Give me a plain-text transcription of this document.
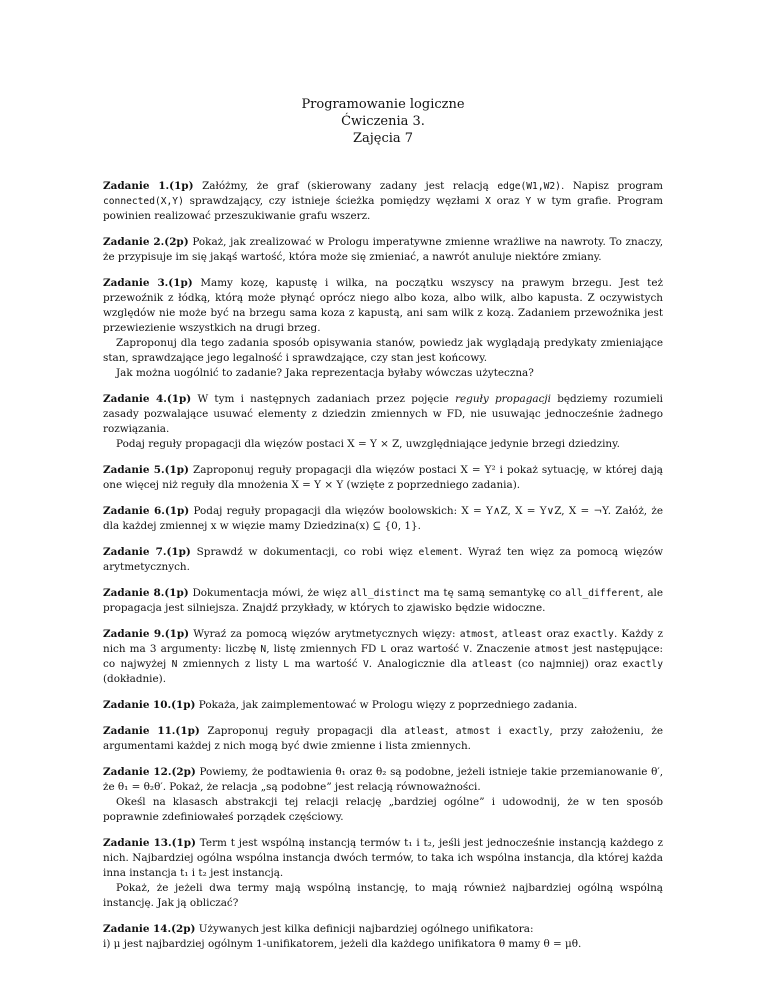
Programowanie logiczne
Ćwiczenia 3.
Zajęcia 7

Zadanie 1.(1p) Załóżmy, że graf (skierowany zadany jest relacją edge(W1,W2). Napisz program connected(X,Y) sprawdzający, czy istnieje ścieżka pomiędzy węzłami X oraz Y w tym grafie. Program powinien realizować przeszukiwanie grafu wszerz.

Zadanie 2.(2p) Pokaż, jak zrealizować w Prologu imperatywne zmienne wrażliwe na nawroty. To znaczy, że przypisuje im się jakąś wartość, która może się zmieniać, a nawrót anuluje niektóre zmiany.

Zadanie 3.(1p) Mamy kozę, kapustę i wilka, na początku wszyscy na prawym brzegu. Jest też przewoźnik z łódką, którą może płynąć oprócz niego albo koza, albo wilk, albo kapusta. Z oczywistych względów nie może być na brzegu sama koza z kapustą, ani sam wilk z kozą. Zadaniem przewoźnika jest przewiezienie wszystkich na drugi brzeg.

Zaproponuj dla tego zadania sposób opisywania stanów, powiedz jak wyglądają predykaty zmieniające stan, sprawdzające jego legalność i sprawdzające, czy stan jest końcowy.

Jak można uogólnić to zadanie? Jaka reprezentacja byłaby wówczas użyteczna?

Zadanie 4.(1p) W tym i następnych zadaniach przez pojęcie reguły propagacji będziemy rozumieli zasady pozwalające usuwać elementy z dziedzin zmiennych w FD, nie usuwając jednocześnie żadnego rozwiązania.

Podaj reguły propagacji dla więzów postaci X = Y × Z, uwzględniające jedynie brzegi dziedziny.

Zadanie 5.(1p) Zaproponuj reguły propagacji dla więzów postaci X = Y² i pokaż sytuację, w której dają one więcej niż reguły dla mnożenia X = Y × Y (wzięte z poprzedniego zadania).

Zadanie 6.(1p) Podaj reguły propagacji dla więzów boolowskich: X = Y∧Z, X = Y∨Z, X = ¬Y. Załóż, że dla każdej zmiennej x w więzie mamy Dziedzina(x) ⊆ {0, 1}.

Zadanie 7.(1p) Sprawdź w dokumentacji, co robi więz element. Wyraź ten więz za pomocą więzów arytmetycznych.

Zadanie 8.(1p) Dokumentacja mówi, że więz all_distinct ma tę samą semantykę co all_different, ale propagacja jest silniejsza. Znajdź przykłady, w których to zjawisko będzie widoczne.

Zadanie 9.(1p) Wyraź za pomocą więzów arytmetycznych więzy: atmost, atleast oraz exactly. Każdy z nich ma 3 argumenty: liczbę N, listę zmiennych FD L oraz wartość V. Znaczenie atmost jest następujące: co najwyżej N zmiennych z listy L ma wartość V. Analogicznie dla atleast (co najmniej) oraz exactly (dokładnie).

Zadanie 10.(1p) Pokaża, jak zaimplementować w Prologu więzy z poprzedniego zadania.

Zadanie 11.(1p) Zaproponuj reguły propagacji dla atleast, atmost i exactly, przy założeniu, że argumentami każdej z nich mogą być dwie zmienne i lista zmiennych.

Zadanie 12.(2p) Powiemy, że podtawienia θ₁ oraz θ₂ są podobne, jeżeli istnieje takie przemianowanie θ′, że θ₁ = θ₂θ′. Pokaż, że relacja „są podobne” jest relacją równoważności.

Okeśl na klasasch abstrakcji tej relacji relację „bardziej ogólne” i udowodnij, że w ten sposób poprawnie zdefiniowałeś porządek częściowy.

Zadanie 13.(1p) Term t jest wspólną instancją termów t₁ i t₂, jeśli jest jednocześnie instancją każdego z nich. Najbardziej ogólna wspólna instancja dwóch termów, to taka ich wspólna instancja, dla której każda inna instancja t₁ i t₂ jest instancją.

Pokaż, że jeżeli dwa termy mają wspólną instancję, to mają również najbardziej ogólną wspólną instancję. Jak ją obliczać?

Zadanie 14.(2p) Używanych jest kilka definicji najbardziej ogólnego unifikatora:

i) μ jest najbardziej ogólnym 1-unifikatorem, jeżeli dla każdego unifikatora θ mamy θ = μθ.
